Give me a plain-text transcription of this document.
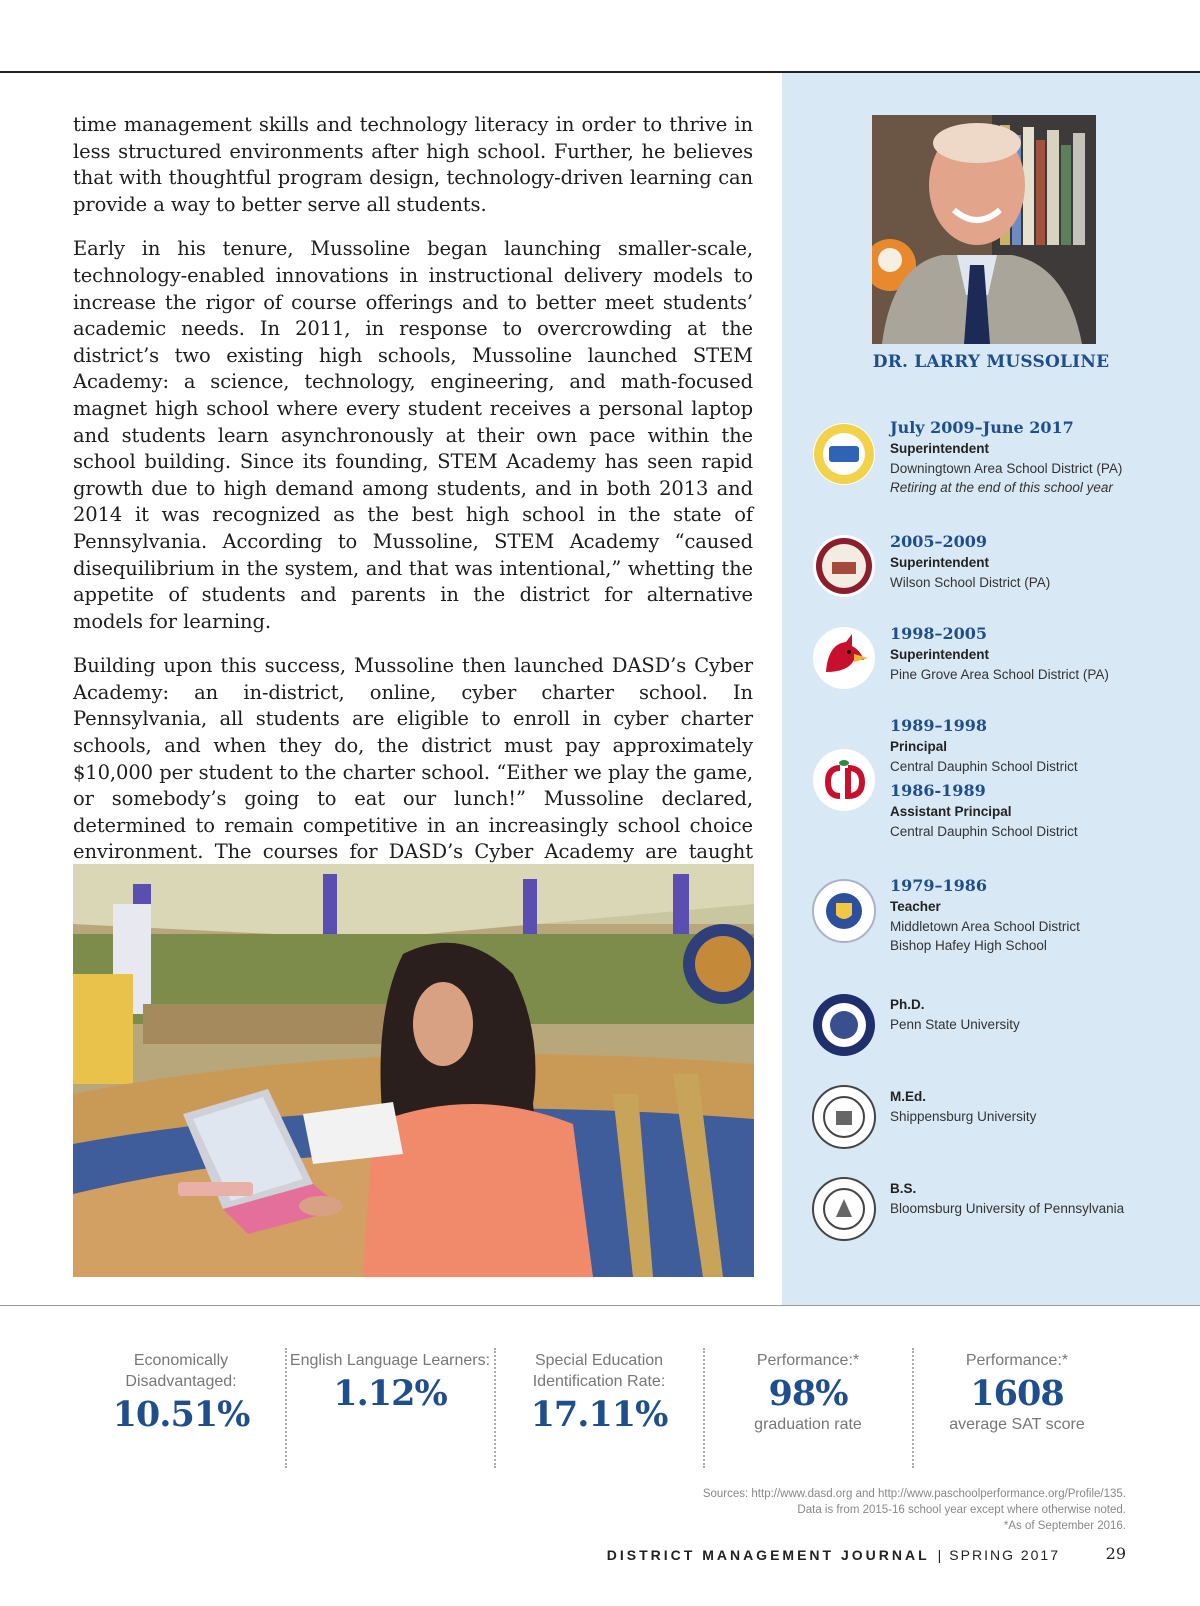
time management skills and technology literacy in order to thrive in less structured environments after high school. Further, he believes that with thoughtful program design, technology-driven learning can provide a way to better serve all students.

Early in his tenure, Mussoline began launching smaller-scale, technology-enabled innovations in instructional delivery models to increase the rigor of course offerings and to better meet students’ academic needs. In 2011, in response to overcrowding at the district’s two existing high schools, Mussoline launched STEM Academy: a science, technology, engineering, and math-focused magnet high school where every student receives a personal laptop and students learn asynchronously at their own pace within the school building. Since its founding, STEM Academy has seen rapid growth due to high demand among students, and in both 2013 and 2014 it was recognized as the best high school in the state of Pennsylvania. According to Mussoline, STEM Academy “caused disequilibrium in the system, and that was intentional,” whetting the appetite of students and parents in the district for alternative models for learning.

Building upon this success, Mussoline then launched DASD’s Cyber Academy: an in-district, online, cyber charter school. In Pennsylvania, all students are eligible to enroll in cyber charter schools, and when they do, the district must pay approximately $10,000 per student to the charter school. “Either we play the game, or somebody’s going to eat our lunch!” Mussoline declared, determined to remain competitive in an increasingly school choice environment. The courses for DASD’s Cyber Academy are taught

DR. LARRY MUSSOLINE
July 2009–June 2017
Superintendent
Downingtown Area School District (PA)
Retiring at the end of this school year
2005–2009
Superintendent
Wilson School District (PA)
1998–2005
Superintendent
Pine Grove Area School District (PA)
1989–1998
Principal
Central Dauphin School District
1986-1989
Assistant Principal
Central Dauphin School District
1979–1986
Teacher
Middletown Area School District
Bishop Hafey High School
Ph.D.
Penn State University
M.Ed.
Shippensburg University
B.S.
Bloomsburg University of Pennsylvania
Economically Disadvantaged:
10.51%
English Language Learners:
1.12%
Special Education Identification Rate:
17.11%
Performance:*
98%
graduation rate
Performance:*
1608
average SAT score
Sources: http://www.dasd.org and http://www.paschoolperformance.org/Profile/135.
Data is from 2015-16 school year except where otherwise noted.
*As of September 2016.
DISTRICT MANAGEMENT JOURNAL | SPRING 2017	29
